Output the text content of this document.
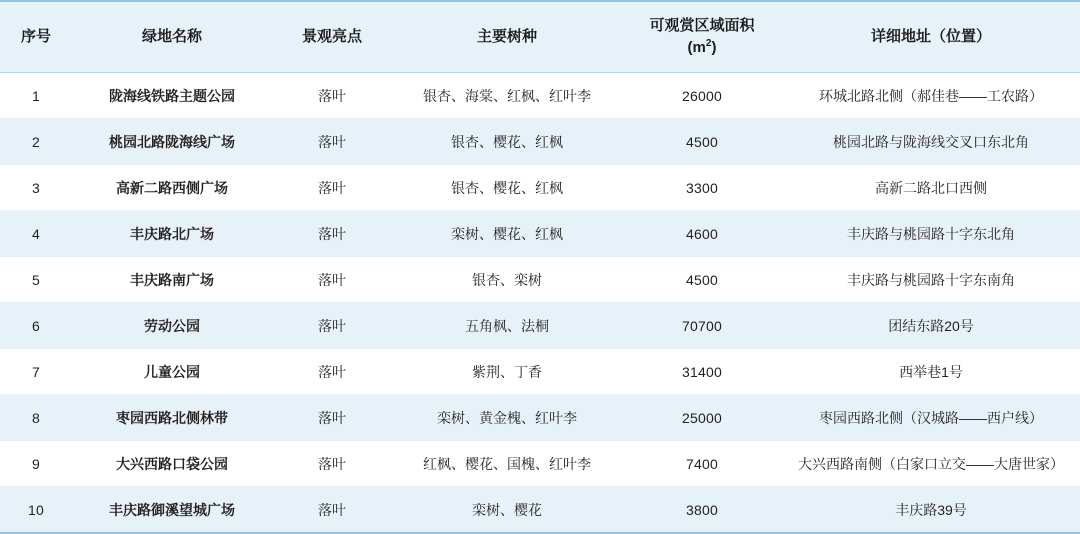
序号	绿地名称	景观亮点	主要树种	可观赏区域面积
$(m^2)$	详细地址（位置）
1	陇海线铁路主题公园	落叶	银杏、海棠、红枫、红叶李	26000	环城北路北侧（郝佳巷——工农路）
2	桃园北路陇海线广场	落叶	银杏、樱花、红枫	4500	桃园北路与陇海线交叉口东北角
3	高新二路西侧广场	落叶	银杏、樱花、红枫	3300	高新二路北口西侧
4	丰庆路北广场	落叶	栾树、樱花、红枫	4600	丰庆路与桃园路十字东北角
5	丰庆路南广场	落叶	银杏、栾树	4500	丰庆路与桃园路十字东南角
6	劳动公园	落叶	五角枫、法桐	70700	团结东路20号
7	儿童公园	落叶	紫荆、丁香	31400	西举巷1号
8	枣园西路北侧林带	落叶	栾树、黄金槐、红叶李	25000	枣园西路北侧（汉城路——西户线）
9	大兴西路口袋公园	落叶	红枫、樱花、国槐、红叶李	7400	大兴西路南侧（白家口立交——大唐世家）
10	丰庆路御溪望城广场	落叶	栾树、樱花	3800	丰庆路39号
